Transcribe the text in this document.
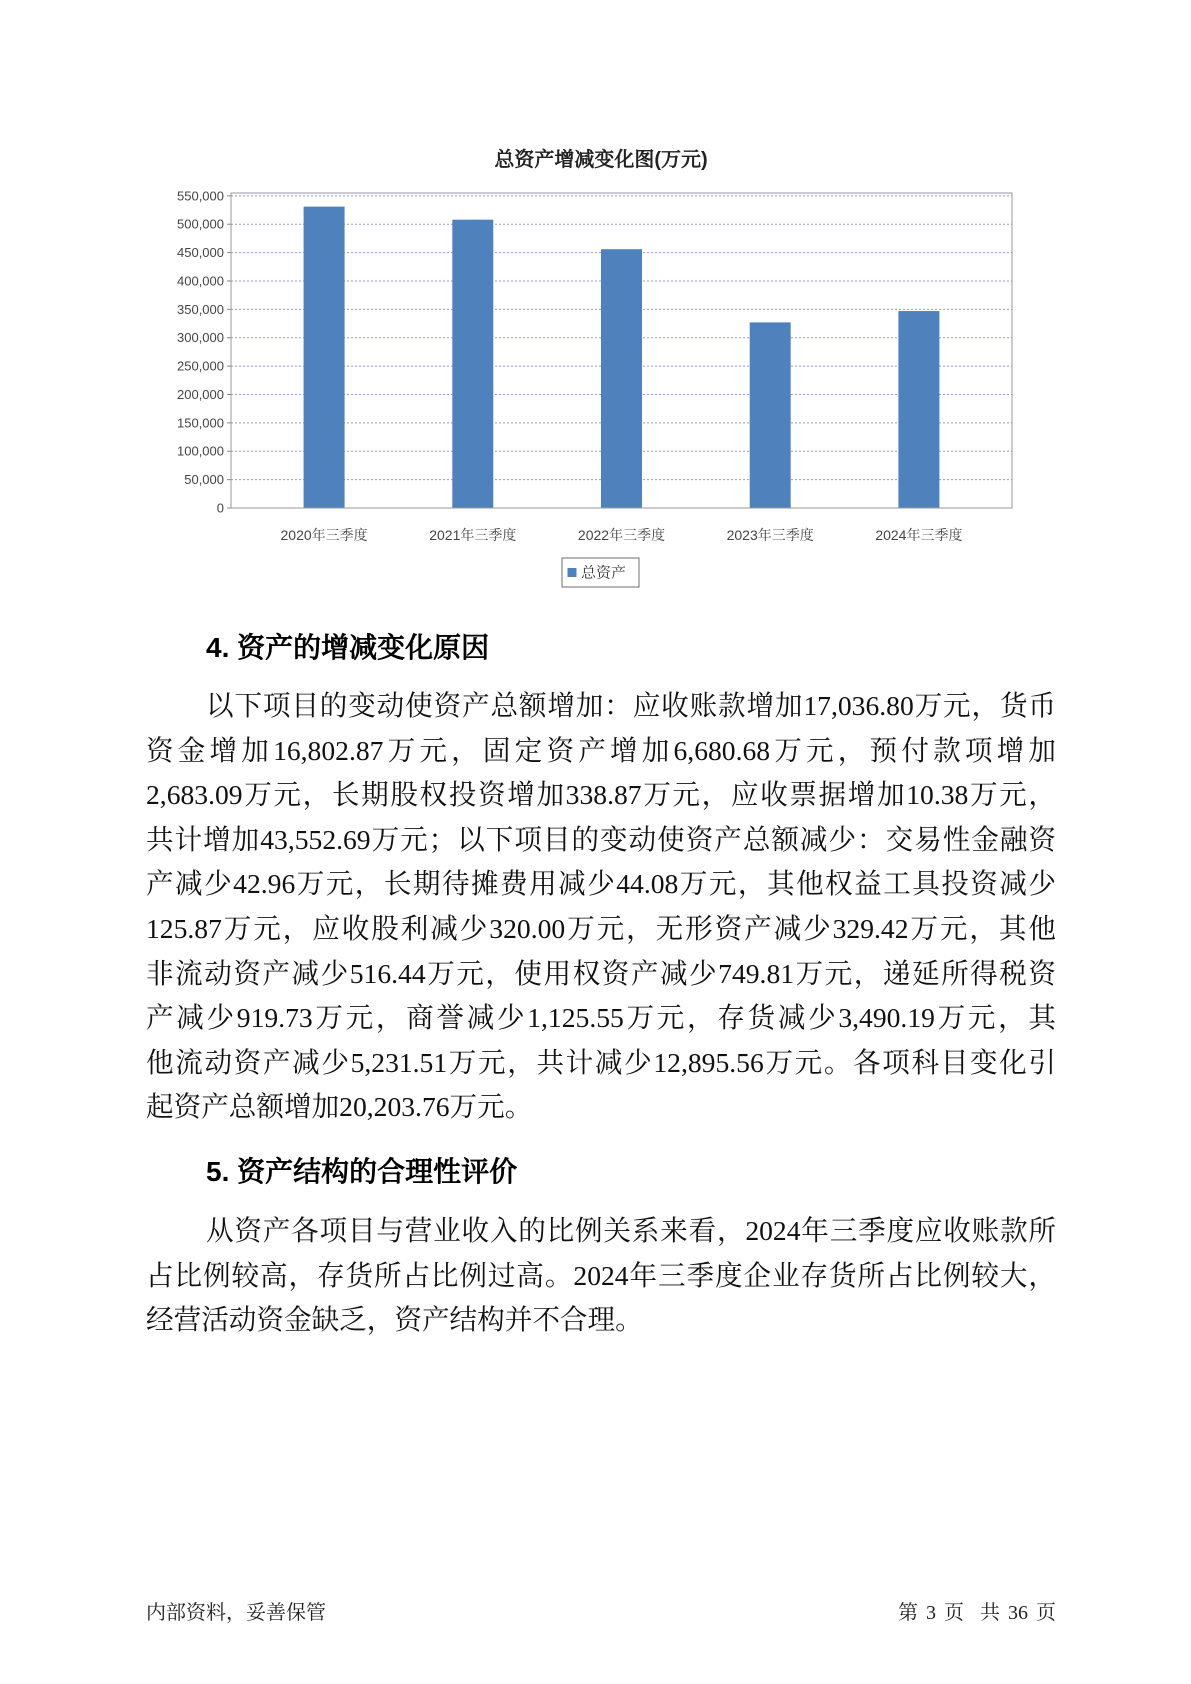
总资产增减变化图(万元)
0
50,000
100,000
150,000
200,000
250,000
300,000
350,000
400,000
450,000
500,000
550,000
2020年三季度	2021年三季度	2022年三季度	2023年三季度	2024年三季度
总资产
4. 资产的增减变化原因
以下项目的变动使资产总额增加：应收账款增加17,036.80万元，货币
资金增加16,802.87万元，固定资产增加6,680.68万元，预付款项增加
2,683.09万元，长期股权投资增加338.87万元，应收票据增加10.38万元，
共计增加43,552.69万元；以下项目的变动使资产总额减少：交易性金融资
产减少42.96万元，长期待摊费用减少44.08万元，其他权益工具投资减少
125.87万元，应收股利减少320.00万元，无形资产减少329.42万元，其他
非流动资产减少516.44万元，使用权资产减少749.81万元，递延所得税资
产减少919.73万元，商誉减少1,125.55万元，存货减少3,490.19万元，其
他流动资产减少5,231.51万元，共计减少12,895.56万元。各项科目变化引
起资产总额增加20,203.76万元。
5. 资产结构的合理性评价
从资产各项目与营业收入的比例关系来看，2024年三季度应收账款所
占比例较高，存货所占比例过高。2024年三季度企业存货所占比例较大，
经营活动资金缺乏，资产结构并不合理。
内部资料，妥善保管	第 3 页  共 36 页
